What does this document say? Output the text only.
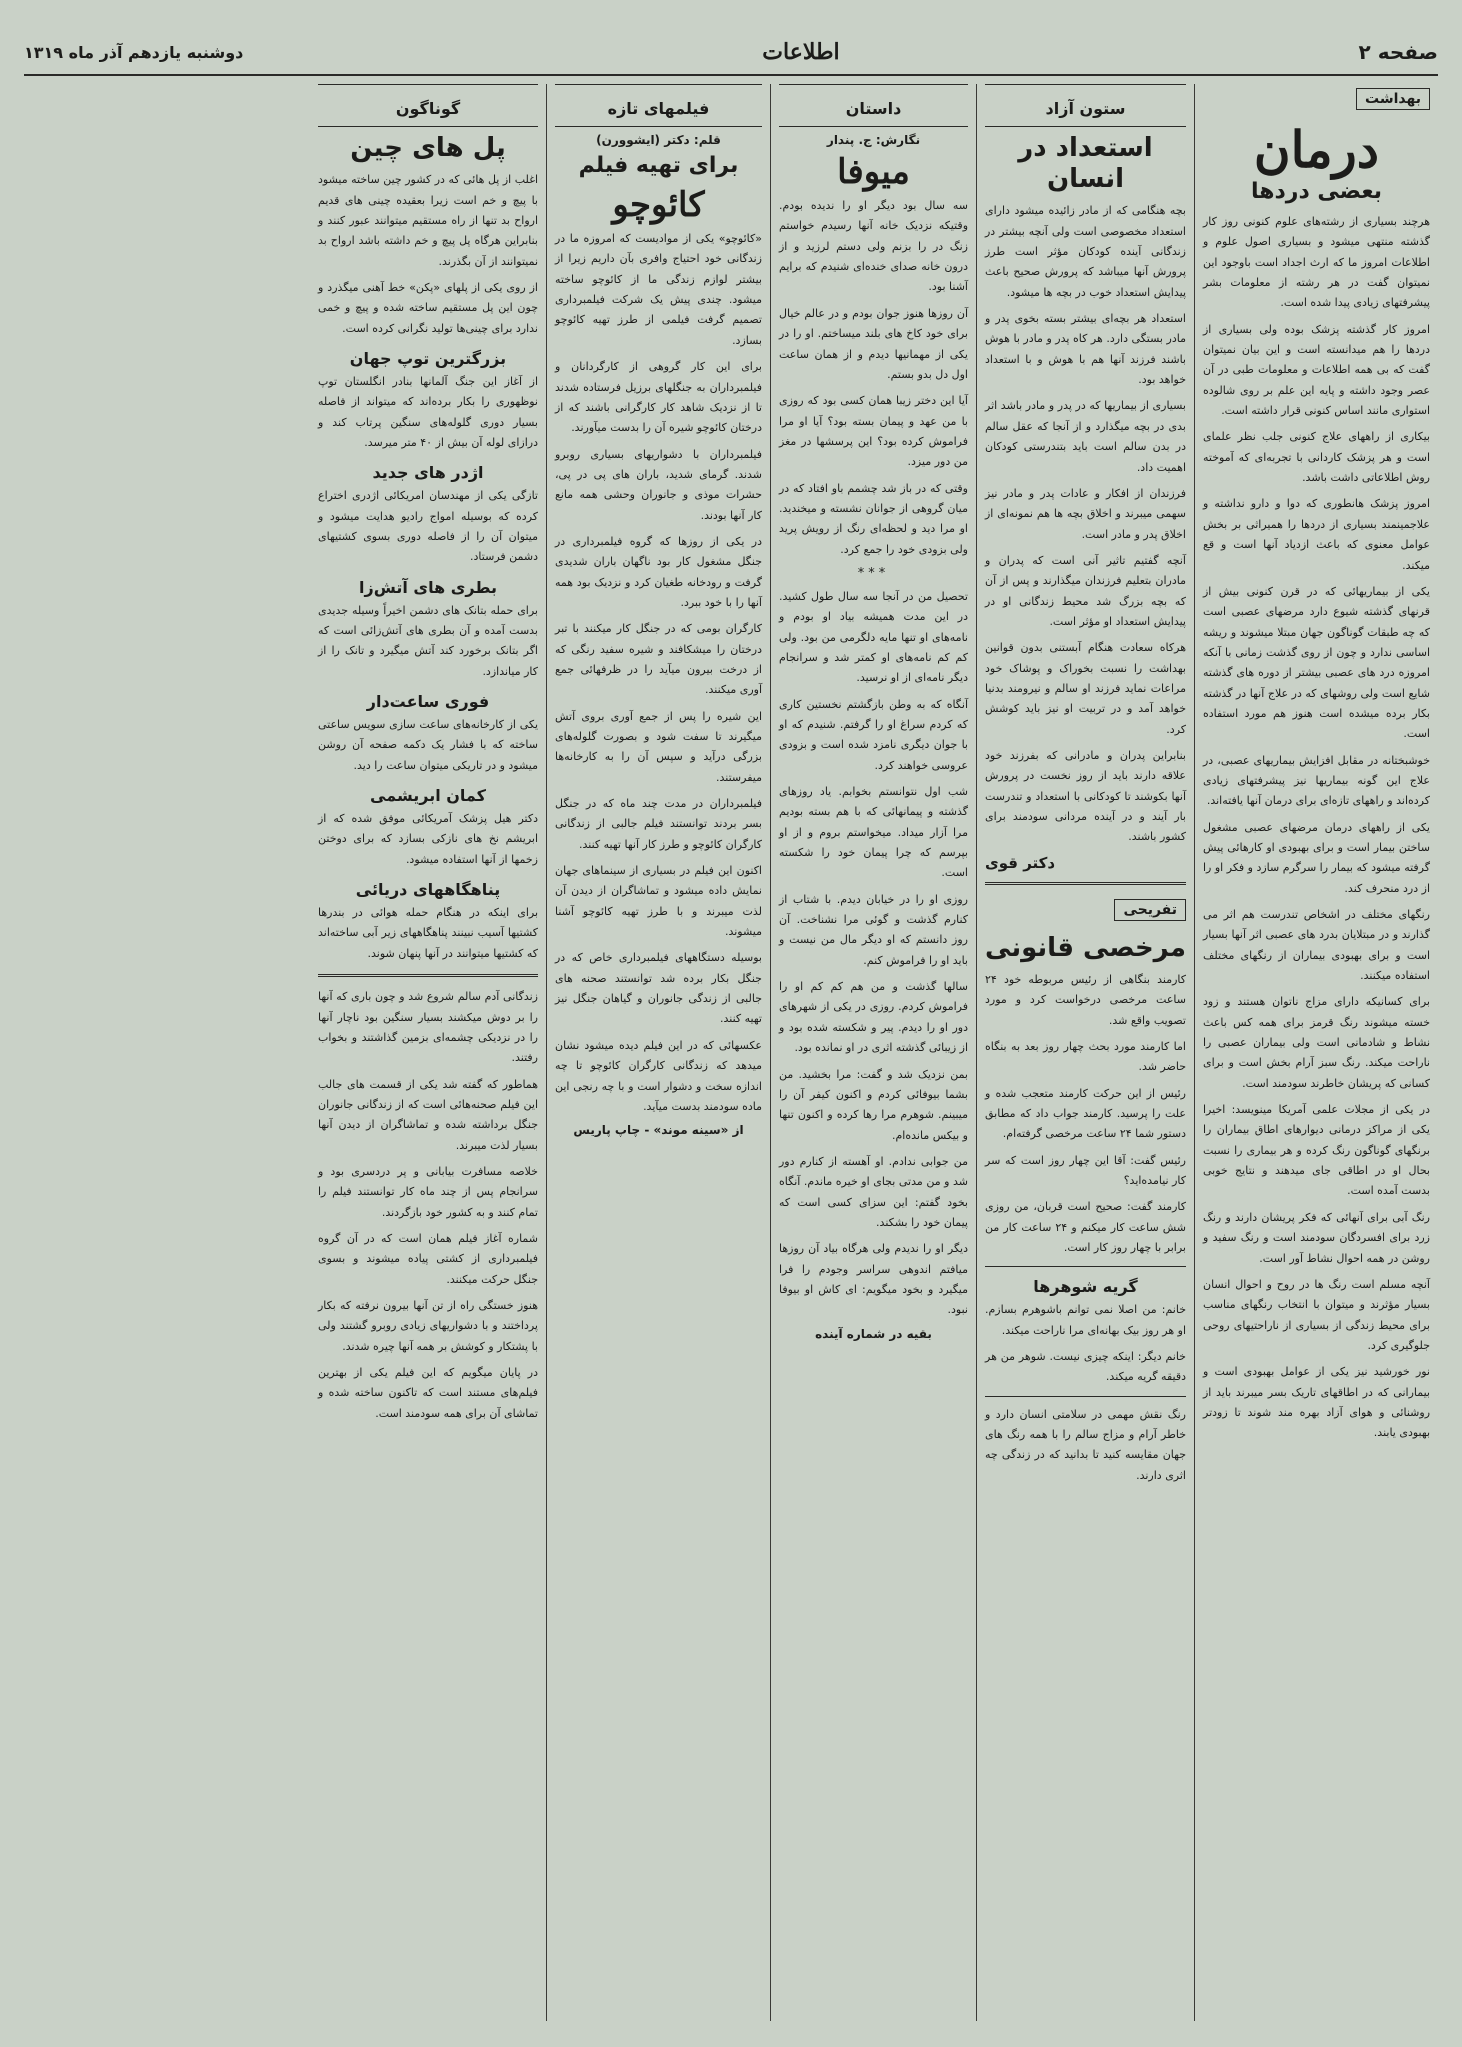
صفحه ۲
اطلاعات
دوشنبه یازدهم آذر ماه ۱۳۱۹
بهداشت
درمان
بعضی دردها

هرچند بسیاری از رشته‌های علوم کنونی روز کار گذشته منتهی میشود و بسیاری اصول علوم و اطلاعات امروز ما که ارث اجداد است باوجود این نمیتوان گفت در هر رشته از معلومات بشر پیشرفتهای زیادی پیدا شده است.

امروز کار گذشته پزشک بوده ولی بسیاری از دردها را هم میدانسته است و این بیان نمیتوان گفت که بی همه اطلاعات و معلومات طبی در آن عصر وجود داشته و پایه این علم بر روی شالوده استواری مانند اساس کنونی قرار داشته است.

بیکاری از راههای علاج کنونی جلب نظر علمای است و هر پزشک کاردانی با تجربه‌ای که آموخته روش اطلاعاتی داشت باشد.

امروز پزشک هانطوری که دوا و دارو نداشته و علاجمینمند بسیاری از دردها را همیراثی بر بخش عوامل معنوی که باعث ازدیاد آنها است و قع میکند.

یکی از بیماریهائی که در قرن کنونی بیش از قرنهای گذشته شیوع دارد مرضهای عصبی است که چه طبقات گوناگون جهان مبتلا میشوند و ریشه اساسی ندارد و چون از روی گذشت زمانی با آنکه امروزه درد های عصبی بیشتر از دوره های گذشته شایع است ولی روشهای که در علاج آنها در گذشته بکار برده میشده است هنوز هم مورد استفاده است.

خوشبختانه در مقابل افزایش بیماریهای عصبی، در علاج این گونه بیماریها نیز پیشرفتهای زیادی کرده‌اند و راههای تازه‌ای برای درمان آنها یافته‌اند.

یکی از راههای درمان مرضهای عصبی مشغول ساختن بیمار است و برای بهبودی او کارهائی پیش گرفته میشود که بیمار را سرگرم سازد و فکر او را از درد منحرف کند.

رنگهای مختلف در اشخاص تندرست هم اثر می گذارند و در مبتلایان بدرد های عصبی اثر آنها بسیار است و برای بهبودی بیماران از رنگهای مختلف استفاده میکنند.

برای کسانیکه دارای مزاج ناتوان هستند و زود خسته میشوند رنگ قرمز برای همه کس باعث نشاط و شادمانی است ولی بیماران عصبی را ناراحت میکند. رنگ سبز آرام بخش است و برای کسانی که پریشان خاطرند سودمند است.

در یکی از مجلات علمی آمریکا مینویسد: اخیرا یکی از مراکز درمانی دیوارهای اطاق بیماران را برنگهای گوناگون رنگ کرده و هر بیماری را نسبت بحال او در اطاقی جای میدهند و نتایج خوبی بدست آمده است.

رنگ آبی برای آنهائی که فکر پریشان دارند و رنگ زرد برای افسردگان سودمند است و رنگ سفید و روشن در همه احوال نشاط آور است.

آنچه مسلم است رنگ ها در روح و احوال انسان بسیار مؤثرند و میتوان با انتخاب رنگهای مناسب برای محیط زندگی از بسیاری از ناراحتیهای روحی جلوگیری کرد.

نور خورشید نیز یکی از عوامل بهبودی است و بیمارانی که در اطاقهای تاریک بسر میبرند باید از روشنائی و هوای آزاد بهره مند شوند تا زودتر بهبودی یابند.

ستون آزاد
استعداد در انسان

بچه هنگامی که از مادر زائیده میشود دارای استعداد مخصوصی است ولی آنچه بیشتر در زندگانی آینده کودکان مؤثر است طرز پرورش آنها میباشد که پرورش صحیح باعث پیدایش استعداد خوب در بچه ها میشود.

استعداد هر بچه‌ای بیشتر بسته بخوی پدر و مادر بستگی دارد. هر کاه پدر و مادر با هوش باشند فرزند آنها هم با هوش و با استعداد خواهد بود.

بسیاری از بیماریها که در پدر و مادر باشد اثر بدی در بچه میگذارد و از آنجا که عقل سالم در بدن سالم است باید بتندرستی کودکان اهمیت داد.

فرزندان از افکار و عادات پدر و مادر نیز سهمی میبرند و اخلاق بچه ها هم نمونه‌ای از اخلاق پدر و مادر است.

آنچه گفتیم تاثیر آنی است که پدران و مادران بتعلیم فرزندان میگذارند و پس از آن که بچه بزرگ شد محیط زندگانی او در پیدایش استعداد او مؤثر است.

هرکاه سعادت هنگام آبستنی بدون قوانین بهداشت را نسبت بخوراک و پوشاک خود مراعات نماید فرزند او سالم و نیرومند بدنیا خواهد آمد و در تربیت او نیز باید کوشش کرد.

بنابراین پدران و مادرانی که بفرزند خود علاقه دارند باید از روز نخست در پرورش آنها بکوشند تا کودکانی با استعداد و تندرست بار آیند و در آینده مردانی سودمند برای کشور باشند.

دکتر قوی
تفریحی
مرخصی قانونی

کارمند بنگاهی از رئیس مربوطه خود ۲۴ ساعت مرخصی درخواست کرد و مورد تصویب واقع شد.

اما کارمند مورد بحث چهار روز بعد به بنگاه حاضر شد.

رئیس از این حرکت کارمند متعجب شده و علت را پرسید. کارمند جواب داد که مطابق دستور شما ۲۴ ساعت مرخصی گرفته‌ام.

رئیس گفت: آقا این چهار روز است که سر کار نیامده‌اید؟

کارمند گفت: صحیح است قربان، من روزی شش ساعت کار میکنم و ۲۴ ساعت کار من برابر با چهار روز کار است.

گریه شوهرها

خانم: من اصلا نمی توانم باشوهرم بسازم. او هر روز بیک بهانه‌ای مرا ناراحت میکند.

خانم دیگر: اینکه چیزی نیست. شوهر من هر دقیقه گریه میکند.

رنگ نقش مهمی در سلامتی انسان دارد و خاطر آرام و مزاج سالم را با همه رنگ های جهان مقایسه کنید تا بدانید که در زندگی چه اثری دارند.

داستان
نگارش: ج. پندار
میوفا

سه سال بود دیگر او را ندیده بودم. وقتیکه نزدیک خانه آنها رسیدم خواستم زنگ در را بزنم ولی دستم لرزید و از درون خانه صدای خنده‌ای شنیدم که برایم آشنا بود.

آن روزها هنوز جوان بودم و در عالم خیال برای خود کاخ های بلند میساختم. او را در یکی از مهمانیها دیدم و از همان ساعت اول دل بدو بستم.

آیا این دختر زیبا همان کسی بود که روزی با من عهد و پیمان بسته بود؟ آیا او مرا فراموش کرده بود؟ این پرسشها در مغز من دور میزد.

وقتی که در باز شد چشمم باو افتاد که در میان گروهی از جوانان نشسته و میخندید. او مرا دید و لحظه‌ای رنگ از رویش پرید ولی بزودی خود را جمع کرد.

***

تحصیل من در آنجا سه سال طول کشید. در این مدت همیشه بیاد او بودم و نامه‌های او تنها مایه دلگرمی من بود. ولی کم کم نامه‌های او کمتر شد و سرانجام دیگر نامه‌ای از او نرسید.

آنگاه که به وطن بازگشتم نخستین کاری که کردم سراغ او را گرفتم. شنیدم که او با جوان دیگری نامزد شده است و بزودی عروسی خواهند کرد.

شب اول نتوانستم بخوابم. یاد روزهای گذشته و پیمانهائی که با هم بسته بودیم مرا آزار میداد. میخواستم بروم و از او بپرسم که چرا پیمان خود را شکسته است.

روزی او را در خیابان دیدم. با شتاب از کنارم گذشت و گوئی مرا نشناخت. آن روز دانستم که او دیگر مال من نیست و باید او را فراموش کنم.

سالها گذشت و من هم کم کم او را فراموش کردم. روزی در یکی از شهرهای دور او را دیدم. پیر و شکسته شده بود و از زیبائی گذشته اثری در او نمانده بود.

بمن نزدیک شد و گفت: مرا بخشید. من بشما بیوفائی کردم و اکنون کیفر آن را میبینم. شوهرم مرا رها کرده و اکنون تنها و بیکس مانده‌ام.

من جوابی ندادم. او آهسته از کنارم دور شد و من مدتی بجای او خیره ماندم. آنگاه بخود گفتم: این سزای کسی است که پیمان خود را بشکند.

دیگر او را ندیدم ولی هرگاه بیاد آن روزها میافتم اندوهی سراسر وجودم را فرا میگیرد و بخود میگویم: ای کاش او بیوفا نبود.

بقیه در شماره آینده
فیلمهای تازه
قلم: دکتر (ایشوورن)
برای تهیه فیلم
کائوچو

«کائوچو» یکی از موادیست که امروزه ما در زندگانی خود احتیاج وافری بآن داریم زیرا از بیشتر لوازم زندگی ما از کائوچو ساخته میشود. چندی پیش یک شرکت فیلمبرداری تصمیم گرفت فیلمی از طرز تهیه کائوچو بسازد.

برای این کار گروهی از کارگردانان و فیلمبرداران به جنگلهای برزیل فرستاده شدند تا از نزدیک شاهد کار کارگرانی باشند که از درختان کائوچو شیره آن را بدست میآورند.

فیلمبرداران با دشواریهای بسیاری روبرو شدند. گرمای شدید، باران های پی در پی، حشرات موذی و جانوران وحشی همه مانع کار آنها بودند.

در یکی از روزها که گروه فیلمبرداری در جنگل مشغول کار بود ناگهان باران شدیدی گرفت و رودخانه طغیان کرد و نزدیک بود همه آنها را با خود ببرد.

کارگران بومی که در جنگل کار میکنند با تبر درختان را میشکافند و شیره سفید رنگی که از درخت بیرون میآید را در ظرفهائی جمع آوری میکنند.

این شیره را پس از جمع آوری بروی آتش میگیرند تا سفت شود و بصورت گلوله‌های بزرگی درآید و سپس آن را به کارخانه‌ها میفرستند.

فیلمبرداران در مدت چند ماه که در جنگل بسر بردند توانستند فیلم جالبی از زندگانی کارگران کائوچو و طرز کار آنها تهیه کنند.

اکنون این فیلم در بسیاری از سینماهای جهان نمایش داده میشود و تماشاگران از دیدن آن لذت میبرند و با طرز تهیه کائوچو آشنا میشوند.

بوسیله دستگاههای فیلمبرداری خاص که در جنگل بکار برده شد توانستند صحنه های جالبی از زندگی جانوران و گیاهان جنگل نیز تهیه کنند.

عکسهائی که در این فیلم دیده میشود نشان میدهد که زندگانی کارگران کائوچو تا چه اندازه سخت و دشوار است و با چه رنجی این ماده سودمند بدست میآید.

از «سینه موند» - چاپ پاریس
گوناگون
پل های چین

اغلب از پل هائی که در کشور چین ساخته میشود با پیچ و خم است زیرا بعقیده چینی های قدیم ارواح بد تنها از راه مستقیم میتوانند عبور کنند و بنابراین هرگاه پل پیچ و خم داشته باشد ارواح بد نمیتوانند از آن بگذرند.

از روی یکی از پلهای «پکن» خط آهنی میگذرد و چون این پل مستقیم ساخته شده و پیچ و خمی ندارد برای چینی‌ها تولید نگرانی کرده است.

بزرگترین توپ جهان

از آغاز این جنگ آلمانها بنادر انگلستان توپ نوظهوری را بکار برده‌اند که میتواند از فاصله بسیار دوری گلوله‌های سنگین پرتاب کند و درازای لوله آن بیش از ۴۰ متر میرسد.

اژدر های جدید

تازگی یکی از مهندسان امریکائی اژدری اختراع کرده که بوسیله امواج رادیو هدایت میشود و میتوان آن را از فاصله دوری بسوی کشتیهای دشمن فرستاد.

بطری های آتش‌زا

برای حمله بتانک های دشمن اخیراً وسیله جدیدی بدست آمده و آن بطری های آتش‌زائی است که اگر بتانک برخورد کند آتش میگیرد و تانک را از کار میاندازد.

فوری ساعت‌دار

یکی از کارخانه‌های ساعت سازی سویس ساعتی ساخته که با فشار یک دکمه صفحه آن روشن میشود و در تاریکی میتوان ساعت را دید.

کمان ابریشمی

دکتر هیل پزشک آمریکائی موفق شده که از ابریشم نخ های نازکی بسازد که برای دوختن زخمها از آنها استفاده میشود.

پناهگاههای دریائی

برای اینکه در هنگام حمله هوائی در بندرها کشتیها آسیب نبینند پناهگاههای زیر آبی ساخته‌اند که کشتیها میتوانند در آنها پنهان شوند.

زندگانی آدم سالم شروع شد و چون باری که آنها را بر دوش میکشند بسیار سنگین بود ناچار آنها را در نزدیکی چشمه‌ای بزمین گذاشتند و بخواب رفتند.

هماطور که گفته شد یکی از قسمت های جالب این فیلم صحنه‌هائی است که از زندگانی جانوران جنگل برداشته شده و تماشاگران از دیدن آنها بسیار لذت میبرند.

خلاصه مسافرت بیابانی و پر دردسری بود و سرانجام پس از چند ماه کار توانستند فیلم را تمام کنند و به کشور خود بازگردند.

شماره آغاز فیلم همان است که در آن گروه فیلمبرداری از کشتی پیاده میشوند و بسوی جنگل حرکت میکنند.

هنوز خستگی راه از تن آنها بیرون نرفته که بکار پرداختند و با دشواریهای زیادی روبرو گشتند ولی با پشتکار و کوشش بر همه آنها چیره شدند.

در پایان میگویم که این فیلم یکی از بهترین فیلم‌های مستند است که تاکنون ساخته شده و تماشای آن برای همه سودمند است.
